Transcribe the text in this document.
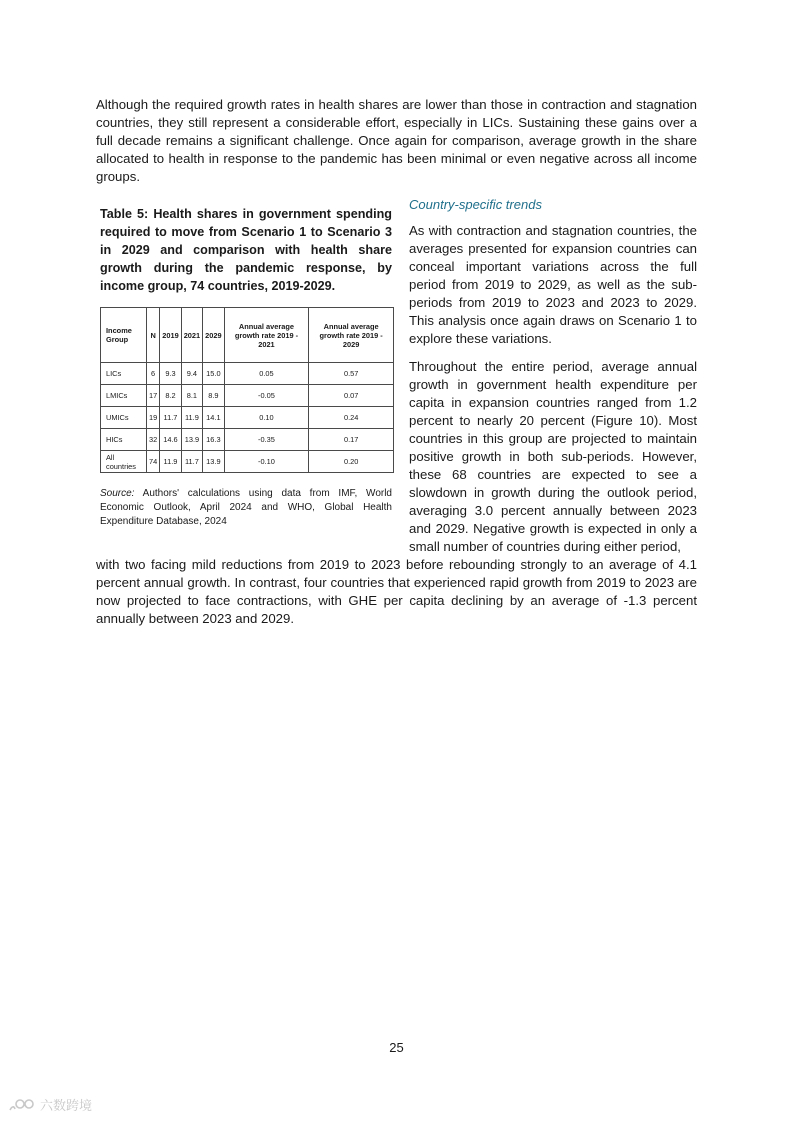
Although the required growth rates in health shares are lower than those in contraction and stagnation countries, they still represent a considerable effort, especially in LICs. Sustaining these gains over a full decade remains a significant challenge. Once again for comparison, average growth in the share allocated to health in response to the pandemic has been minimal or even negative across all income groups.

Table 5: Health shares in government spending required to move from Scenario 1 to Scenario 3 in 2029 and comparison with health share growth during the pandemic response, by income group, 74 countries, 2019-2029.

Income Group	N	2019	2021	2029	Annual average growth rate 2019 - 2021	Annual average growth rate 2019 - 2029
LICs	6	9.3	9.4	15.0	0.05	0.57
LMICs	17	8.2	8.1	8.9	-0.05	0.07
UMICs	19	11.7	11.9	14.1	0.10	0.24
HICs	32	14.6	13.9	16.3	-0.35	0.17
All countries	74	11.9	11.7	13.9	-0.10	0.20

Source: Authors' calculations using data from IMF, World Economic Outlook, April 2024 and WHO, Global Health Expenditure Database, 2024

Country-specific trends

As with contraction and stagnation countries, the averages presented for expansion countries can conceal important variations across the full period from 2019 to 2029, as well as the sub-periods from 2019 to 2023 and 2023 to 2029. This analysis once again draws on Scenario 1 to explore these variations.

Throughout the entire period, average annual growth in government health expenditure per capita in expansion countries ranged from 1.2 percent to nearly 20 percent (Figure 10). Most countries in this group are projected to maintain positive growth in both sub-periods. However, these 68 countries are expected to see a slowdown in growth during the outlook period, averaging 3.0 percent annually between 2023 and 2029. Negative growth is expected in only a small number of countries during either period,

with two facing mild reductions from 2019 to 2023 before rebounding strongly to an average of 4.1 percent annual growth. In contrast, four countries that experienced rapid growth from 2019 to 2023 are now projected to face contractions, with GHE per capita declining by an average of -1.3 percent annually between 2023 and 2029.

25
六数跨境
